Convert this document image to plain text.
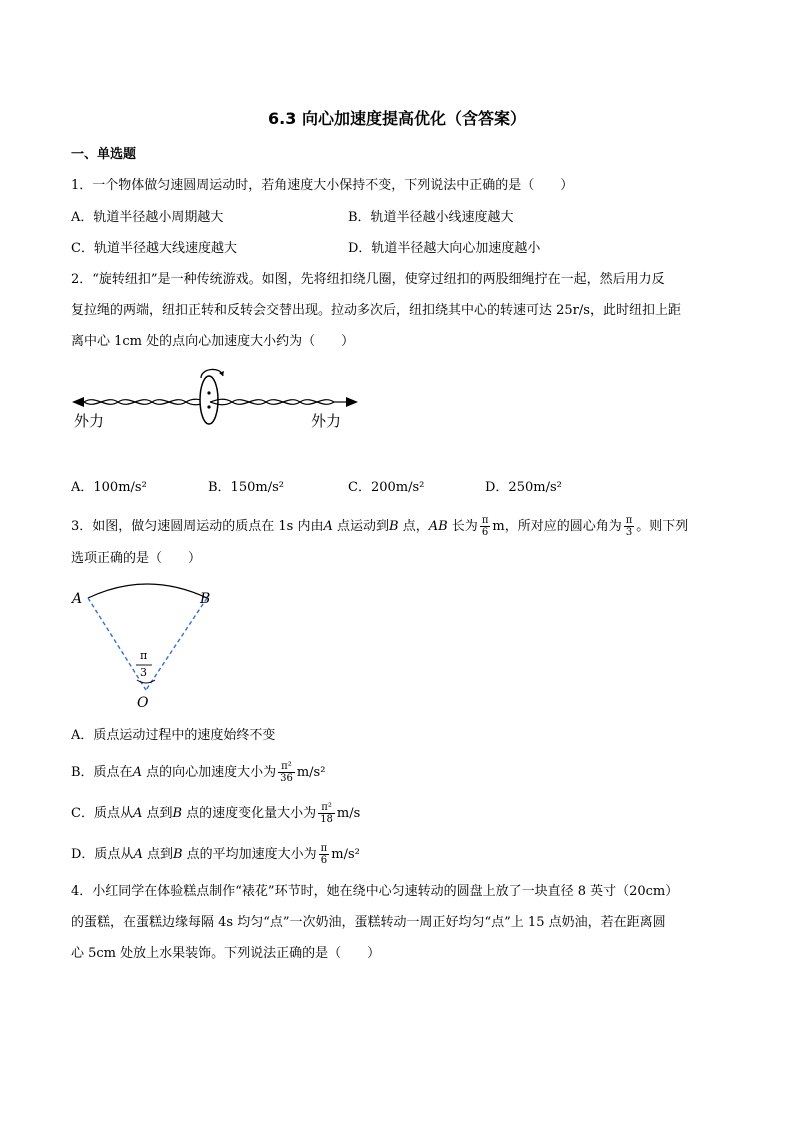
6.3 向心加速度提高优化（含答案）
一、单选题
1．一个物体做匀速圆周运动时，若角速度大小保持不变，下列说法中正确的是（　　）
A．轨道半径越小周期越大	B．轨道半径越小线速度越大
C．轨道半径越大线速度越大	D．轨道半径越大向心加速度越小
2．“旋转纽扣”是一种传统游戏。如图，先将纽扣绕几圈，使穿过纽扣的两股细绳拧在一起，然后用力反
复拉绳的两端，纽扣正转和反转会交替出现。拉动多次后，纽扣绕其中心的转速可达 25r/s，此时纽扣上距
离中心 1cm 处的点向心加速度大小约为（　　）
外力	外力
A．100m/s²	B．150m/s²	C．200m/s²	D．250m/s²
3．如图，做匀速圆周运动的质点在 1s 内由A 点运动到B 点，AB 长为 $\frac{\pi}{6}$ m，所对应的圆心角为 $\frac{\pi}{3}$ 。则下列
选项正确的是（　　）
A	B
O
π
3
A．质点运动过程中的速度始终不变
B．质点在A 点的向心加速度大小为 $\frac{\text{π²}}{36} m/s^2$
C．质点从A 点到B 点的速度变化量大小为 $\frac{\text{π²}}{18} m/s$
D．质点从A 点到B 点的平均加速度大小为 $\frac{\pi}{6} m/s^2$
4．小红同学在体验糕点制作“裱花”环节时，她在绕中心匀速转动的圆盘上放了一块直径 8 英寸（20cm）
的蛋糕，在蛋糕边缘每隔 4s 均匀“点”一次奶油，蛋糕转动一周正好均匀“点”上 15 点奶油，若在距离圆
心 5cm 处放上水果装饰。下列说法正确的是（　　）
